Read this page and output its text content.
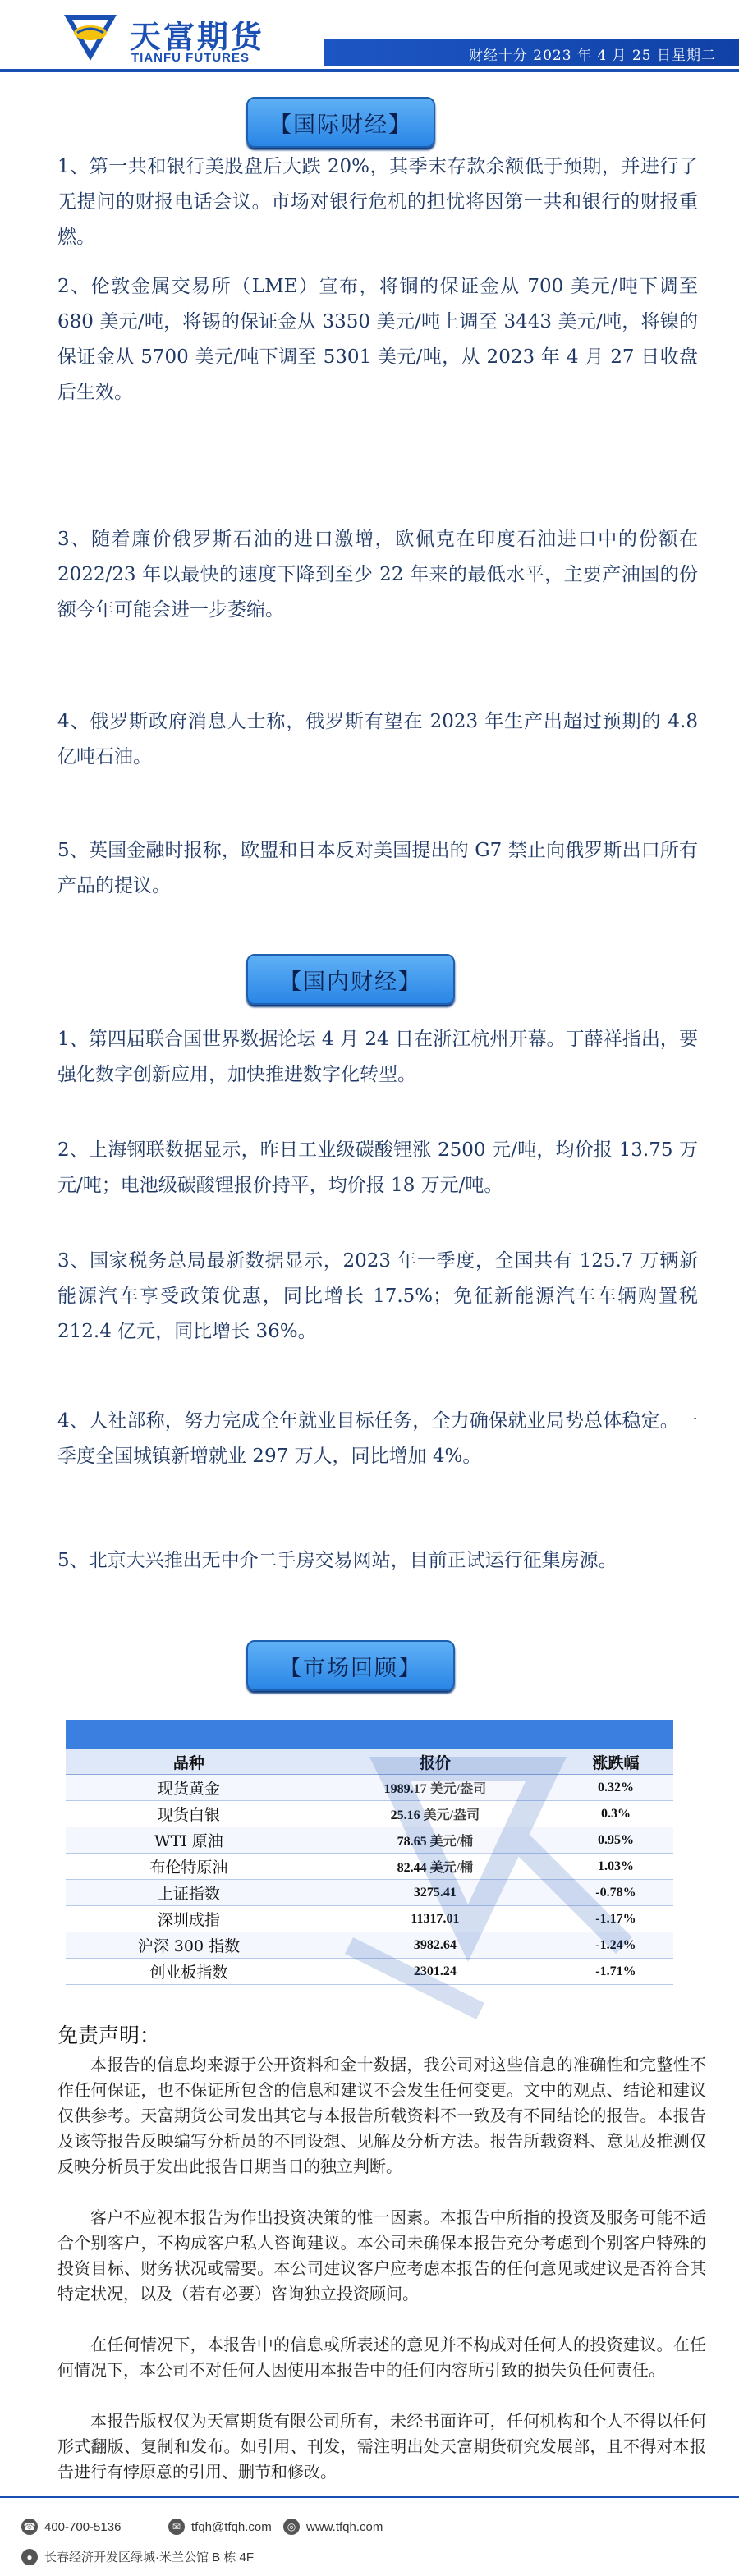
天富期货
TIANFU FUTURES	财经十分 2023 年 4 月 25 日星期二
【国际财经】

1、第一共和银行美股盘后大跌 20%，其季末存款余额低于预期，并进行了无提问的财报电话会议。市场对银行危机的担忧将因第一共和银行的财报重燃。

2、伦敦金属交易所（LME）宣布，将铜的保证金从 700 美元/吨下调至 680 美元/吨，将锡的保证金从 3350 美元/吨上调至 3443 美元/吨，将镍的保证金从 5700 美元/吨下调至 5301 美元/吨，从 2023 年 4 月 27 日收盘后生效。

3、随着廉价俄罗斯石油的进口激增，欧佩克在印度石油进口中的份额在 2022/23 年以最快的速度下降到至少 22 年来的最低水平，主要产油国的份额今年可能会进一步萎缩。

4、俄罗斯政府消息人士称，俄罗斯有望在 2023 年生产出超过预期的 4.8 亿吨石油。

5、英国金融时报称，欧盟和日本反对美国提出的 G7 禁止向俄罗斯出口所有产品的提议。

【国内财经】

1、第四届联合国世界数据论坛 4 月 24 日在浙江杭州开幕。丁薛祥指出，要强化数字创新应用，加快推进数字化转型。

2、上海钢联数据显示，昨日工业级碳酸锂涨 2500 元/吨，均价报 13.75 万元/吨；电池级碳酸锂报价持平，均价报 18 万元/吨。

3、国家税务总局最新数据显示，2023 年一季度，全国共有 125.7 万辆新能源汽车享受政策优惠，同比增长 17.5%；免征新能源汽车车辆购置税 212.4 亿元，同比增长 36%。

4、人社部称，努力完成全年就业目标任务，全力确保就业局势总体稳定。一季度全国城镇新增就业 297 万人，同比增加 4%。

5、北京大兴推出无中介二手房交易网站，目前正试运行征集房源。

【市场回顾】
品种	报价	涨跌幅
现货黄金	1989.17 美元/盎司	0.32%
现货白银	25.16 美元/盎司	0.3%
WTI 原油	78.65 美元/桶	0.95%
布伦特原油	82.44 美元/桶	1.03%
上证指数	3275.41	-0.78%
深圳成指	11317.01	-1.17%
沪深 300 指数	3982.64	-1.24%
创业板指数	2301.24	-1.71%
免责声明：

本报告的信息均来源于公开资料和金十数据，我公司对这些信息的准确性和完整性不作任何保证，也不保证所包含的信息和建议不会发生任何变更。文中的观点、结论和建议仅供参考。天富期货公司发出其它与本报告所载资料不一致及有不同结论的报告。本报告及该等报告反映编写分析员的不同设想、见解及分析方法。报告所载资料、意见及推测仅反映分析员于发出此报告日期当日的独立判断。

客户不应视本报告为作出投资决策的惟一因素。本报告中所指的投资及服务可能不适合个别客户，不构成客户私人咨询建议。本公司未确保本报告充分考虑到个别客户特殊的投资目标、财务状况或需要。本公司建议客户应考虑本报告的任何意见或建议是否符合其特定状况，以及（若有必要）咨询独立投资顾问。

在任何情况下，本报告中的信息或所表述的意见并不构成对任何人的投资建议。在任何情况下，本公司不对任何人因使用本报告中的任何内容所引致的损失负任何责任。

本报告版权仅为天富期货有限公司所有，未经书面许可，任何机构和个人不得以任何形式翻版、复制和发布。如引用、刊发，需注明出处天富期货研究发展部，且不得对本报告进行有悖原意的引用、删节和修改。

☎ 400-700-5136	✉ tfqh@tfqh.com	◎ www.tfqh.com
● 长春经济开发区绿城·米兰公馆 B 栋 4F
